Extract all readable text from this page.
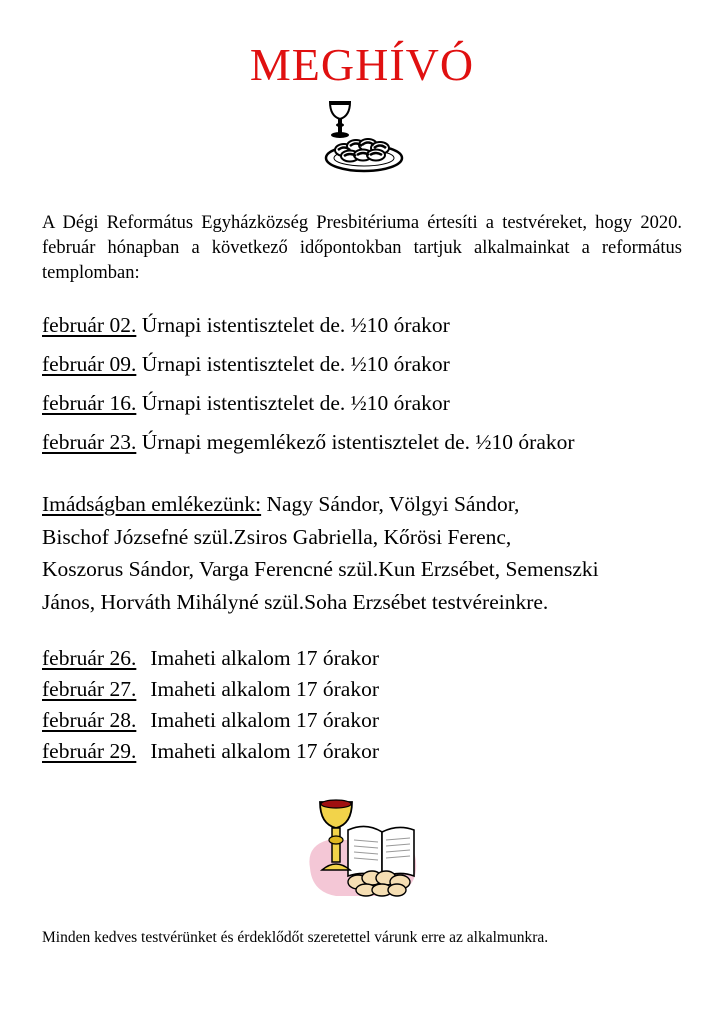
MEGHÍVÓ
A Dégi Református Egyházközség Presbitériuma értesíti a testvéreket, hogy 2020. február hónapban a következő időpontokban tartjuk alkalmainkat a református templomban:
február 02. Úrnapi istentisztelet de. ½10 órakor
február 09. Úrnapi istentisztelet de. ½10 órakor
február 16. Úrnapi istentisztelet de. ½10 órakor
február 23. Úrnapi megemlékező istentisztelet de. ½10 órakor
Imádságban emlékezünk: Nagy Sándor, Völgyi Sándor,
Bischof Józsefné szül.Zsiros Gabriella, Kőrösi Ferenc,
Koszorus Sándor, Varga Ferencné szül.Kun Erzsébet, Semenszki
János, Horváth Mihályné szül.Soha Erzsébet testvéreinkre.
február 26. Imaheti alkalom 17 órakor
február 27. Imaheti alkalom 17 órakor
február 28. Imaheti alkalom 17 órakor
február 29. Imaheti alkalom 17 órakor
Minden kedves testvérünket és érdeklődőt szeretettel várunk erre az alkalmunkra.
